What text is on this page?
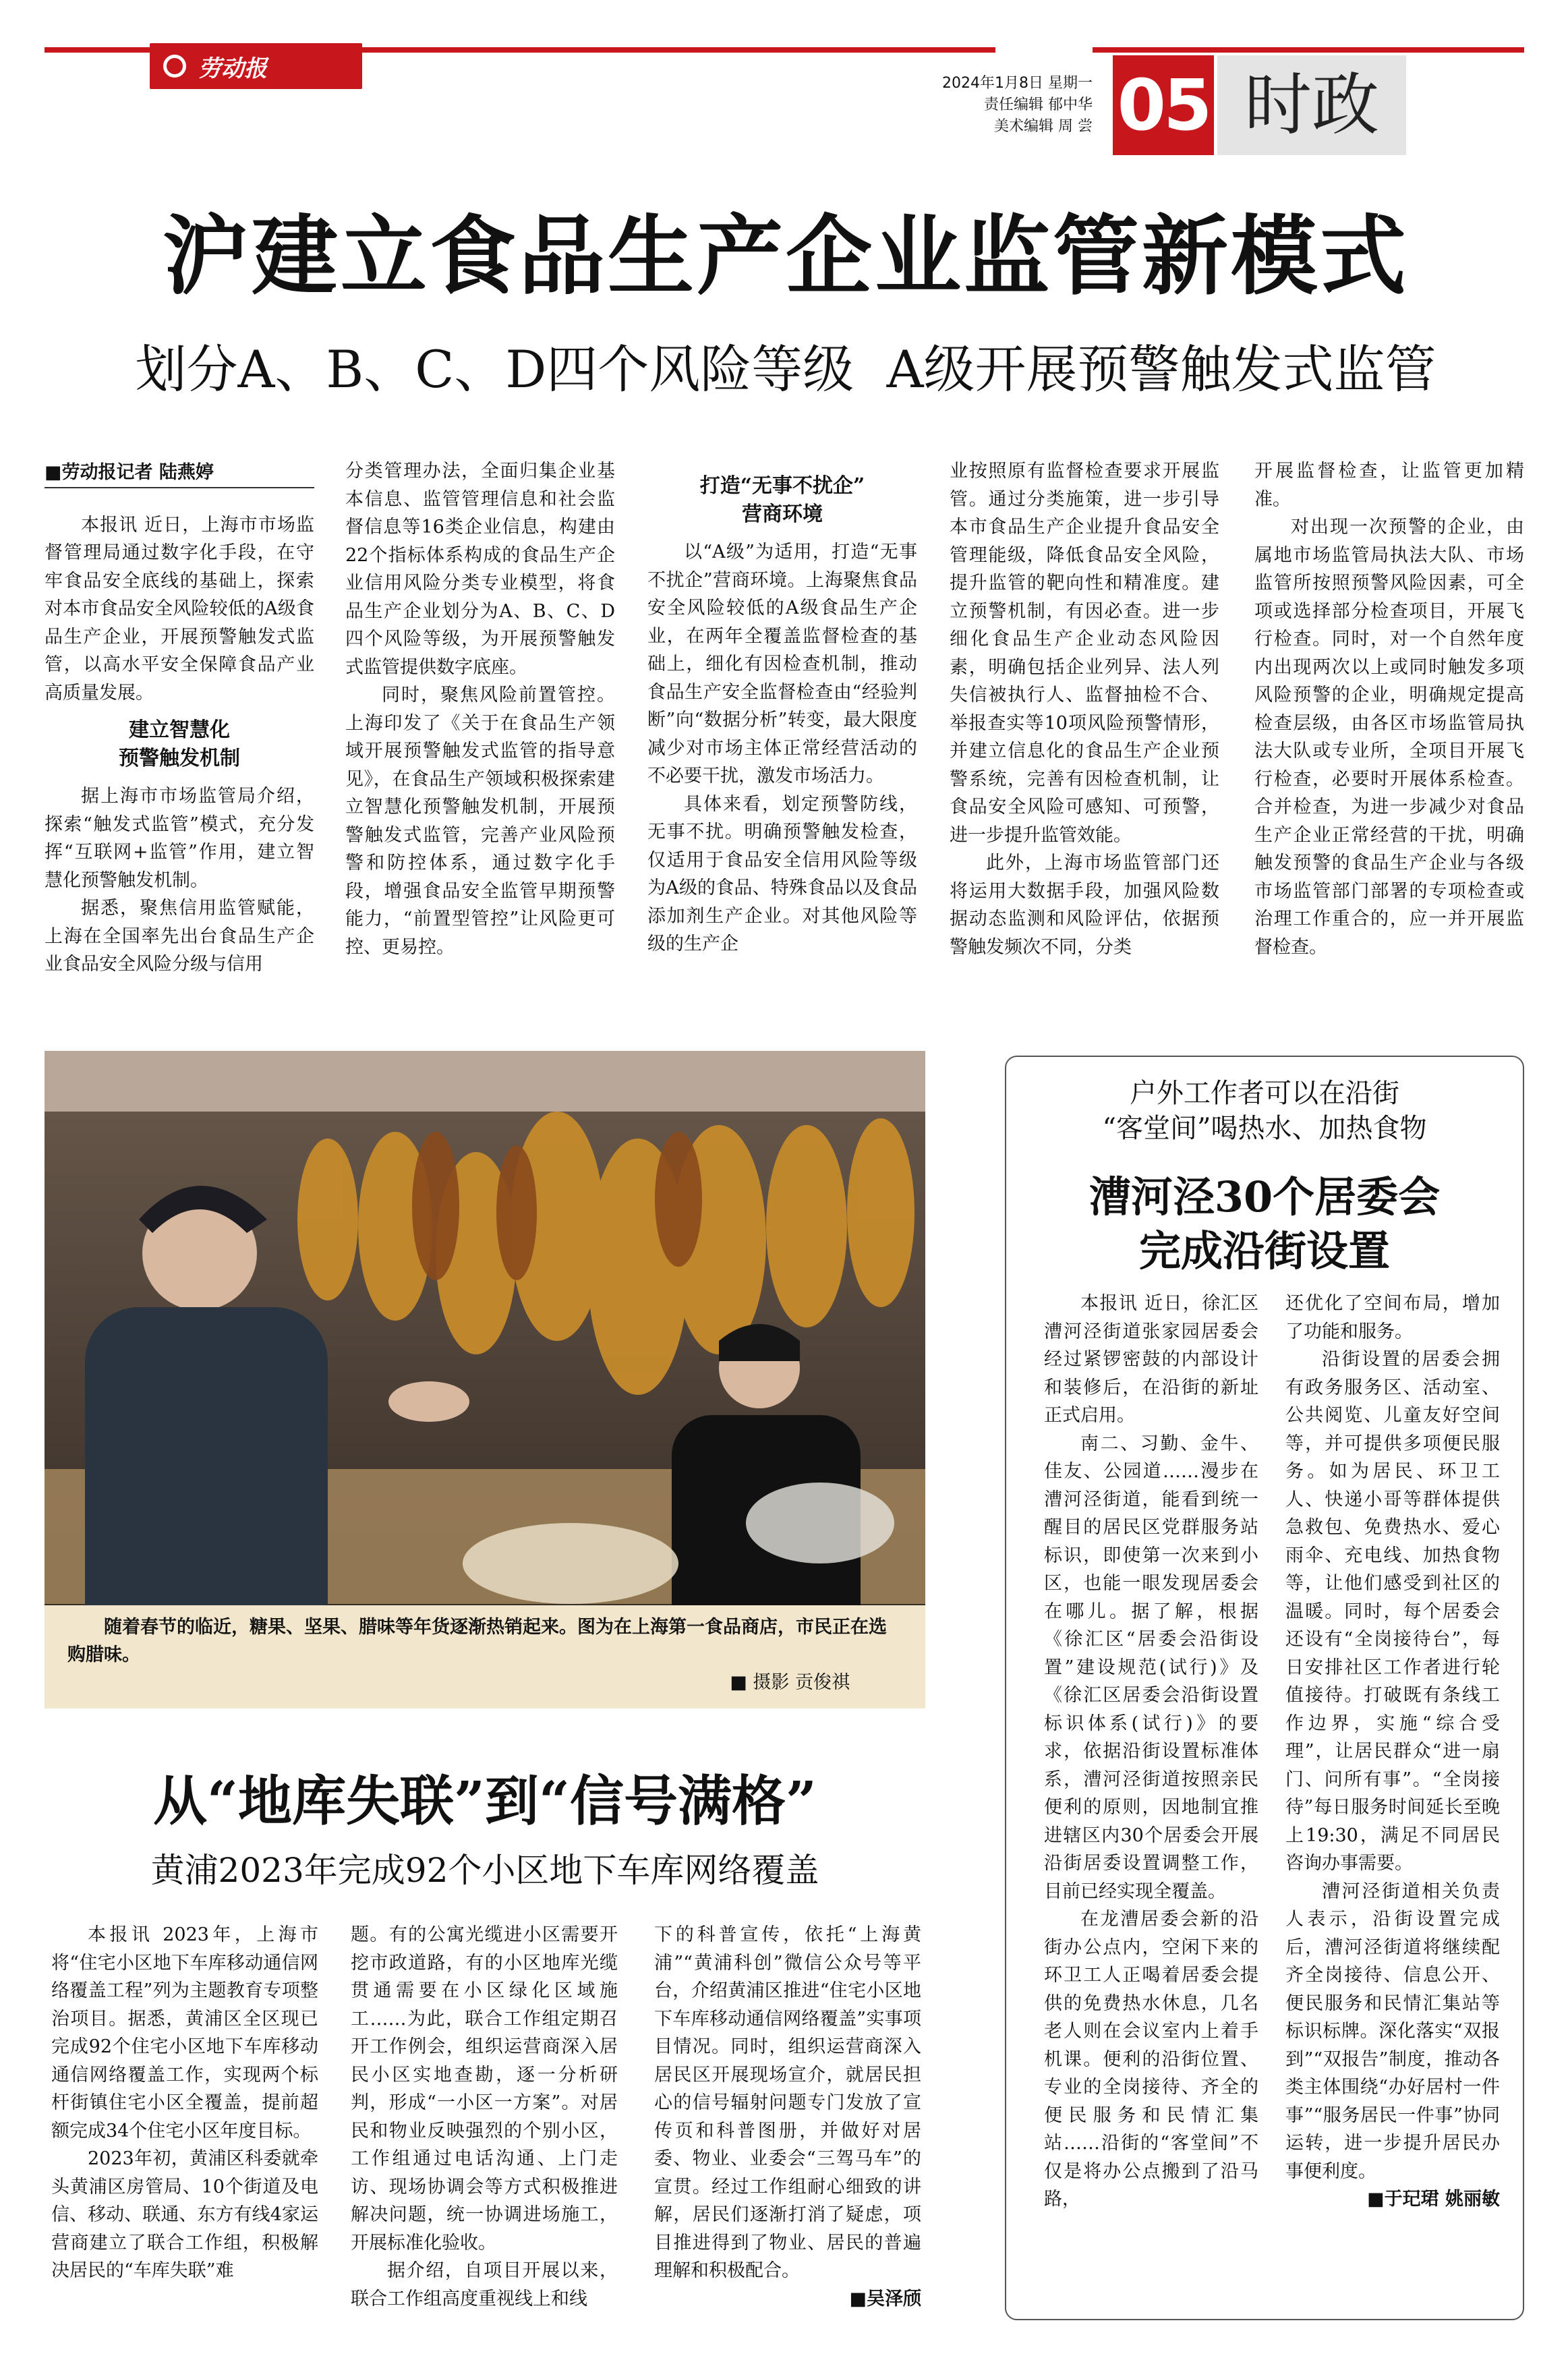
劳动报
2024年1月8日 星期一
责任编辑 郁中华
美术编辑 周 尝 05 时政
沪建立食品生产企业监管新模式
划分A、B、C、D四个风险等级  A级开展预警触发式监管
■劳动报记者 陆燕婷

本报讯 近日，上海市市场监督管理局通过数字化手段，在守牢食品安全底线的基础上，探索对本市食品安全风险较低的A级食品生产企业，开展预警触发式监管，以高水平安全保障食品产业高质量发展。

建立智慧化
预警触发机制

据上海市市场监管局介绍，探索“触发式监管”模式，充分发挥“互联网+监管”作用，建立智慧化预警触发机制。

据悉，聚焦信用监管赋能，上海在全国率先出台食品生产企业食品安全风险分级与信用

分类管理办法，全面归集企业基本信息、监管管理信息和社会监督信息等16类企业信息，构建由22个指标体系构成的食品生产企业信用风险分类专业模型，将食品生产企业划分为A、B、C、D四个风险等级，为开展预警触发式监管提供数字底座。

同时，聚焦风险前置管控。上海印发了《关于在食品生产领域开展预警触发式监管的指导意见》，在食品生产领域积极探索建立智慧化预警触发机制，开展预警触发式监管，完善产业风险预警和防控体系，通过数字化手段，增强食品安全监管早期预警能力，“前置型管控”让风险更可控、更易控。

打造“无事不扰企”
营商环境

以“A级”为适用，打造“无事不扰企”营商环境。上海聚焦食品安全风险较低的A级食品生产企业，在两年全覆盖监督检查的基础上，细化有因检查机制，推动食品生产安全监督检查由“经验判断”向“数据分析”转变，最大限度减少对市场主体正常经营活动的不必要干扰，激发市场活力。

具体来看，划定预警防线，无事不扰。明确预警触发检查，仅适用于食品安全信用风险等级为A级的食品、特殊食品以及食品添加剂生产企业。对其他风险等级的生产企

业按照原有监督检查要求开展监管。通过分类施策，进一步引导本市食品生产企业提升食品安全管理能级，降低食品安全风险，提升监管的靶向性和精准度。建立预警机制，有因必查。进一步细化食品生产企业动态风险因素，明确包括企业列异、法人列失信被执行人、监督抽检不合、举报查实等10项风险预警情形，并建立信息化的食品生产企业预警系统，完善有因检查机制，让食品安全风险可感知、可预警，进一步提升监管效能。

此外，上海市场监管部门还将运用大数据手段，加强风险数据动态监测和风险评估，依据预警触发频次不同，分类

开展监督检查，让监管更加精准。

对出现一次预警的企业，由属地市场监管局执法大队、市场监管所按照预警风险因素，可全项或选择部分检查项目，开展飞行检查。同时，对一个自然年度内出现两次以上或同时触发多项风险预警的企业，明确规定提高检查层级，由各区市场监管局执法大队或专业所，全项目开展飞行检查，必要时开展体系检查。合并检查，为进一步减少对食品生产企业正常经营的干扰，明确触发预警的食品生产企业与各级市场监管部门部署的专项检查或治理工作重合的，应一并开展监督检查。

随着春节的临近，糖果、坚果、腊味等年货逐渐热销起来。图为在上海第一食品商店，市民正在选购腊味。
■ 摄影 贡俊祺
户外工作者可以在沿街
“客堂间”喝热水、加热食物
漕河泾30个居委会
完成沿街设置

本报讯 近日，徐汇区漕河泾街道张家园居委会经过紧锣密鼓的内部设计和装修后，在沿街的新址正式启用。

南二、习勤、金牛、佳友、公园道……漫步在漕河泾街道，能看到统一醒目的居民区党群服务站标识，即使第一次来到小区，也能一眼发现居委会在哪儿。据了解，根据《徐汇区“居委会沿街设置”建设规范(试行)》及《徐汇区居委会沿街设置标识体系(试行)》的要求，依据沿街设置标准体系，漕河泾街道按照亲民便利的原则，因地制宜推进辖区内30个居委会开展沿街居委设置调整工作，目前已经实现全覆盖。

在龙漕居委会新的沿街办公点内，空闲下来的环卫工人正喝着居委会提供的免费热水休息，几名老人则在会议室内上着手机课。便利的沿街位置、专业的全岗接待、齐全的便民服务和民情汇集站……沿街的“客堂间”不仅是将办公点搬到了沿马路，

还优化了空间布局，增加了功能和服务。

沿街设置的居委会拥有政务服务区、活动室、公共阅览、儿童友好空间等，并可提供多项便民服务。如为居民、环卫工人、快递小哥等群体提供急救包、免费热水、爱心雨伞、充电线、加热食物等，让他们感受到社区的温暖。同时，每个居委会还设有“全岗接待台”，每日安排社区工作者进行轮值接待。打破既有条线工作边界，实施“综合受理”，让居民群众“进一扇门、问所有事”。“全岗接待”每日服务时间延长至晚上19:30，满足不同居民咨询办事需要。

漕河泾街道相关负责人表示，沿街设置完成后，漕河泾街道将继续配齐全岗接待、信息公开、便民服务和民情汇集站等标识标牌。深化落实“双报到”“双报告”制度，推动各类主体围绕“办好居村一件事”“服务居民一件事”协同运转，进一步提升居民办事便利度。

■于玘珺 姚丽敏
从“地库失联”到“信号满格”
黄浦2023年完成92个小区地下车库网络覆盖

本报讯 2023年，上海市将“住宅小区地下车库移动通信网络覆盖工程”列为主题教育专项整治项目。据悉，黄浦区全区现已完成92个住宅小区地下车库移动通信网络覆盖工作，实现两个标杆街镇住宅小区全覆盖，提前超额完成34个住宅小区年度目标。

2023年初，黄浦区科委就牵头黄浦区房管局、10个街道及电信、移动、联通、东方有线4家运营商建立了联合工作组，积极解决居民的“车库失联”难

题。有的公寓光缆进小区需要开挖市政道路，有的小区地库光缆贯通需要在小区绿化区域施工……为此，联合工作组定期召开工作例会，组织运营商深入居民小区实地查勘，逐一分析研判，形成“一小区一方案”。对居民和物业反映强烈的个别小区，工作组通过电话沟通、上门走访、现场协调会等方式积极推进解决问题，统一协调进场施工，开展标准化验收。

据介绍，自项目开展以来，联合工作组高度重视线上和线

下的科普宣传，依托“上海黄浦”“黄浦科创”微信公众号等平台，介绍黄浦区推进“住宅小区地下车库移动通信网络覆盖”实事项目情况。同时，组织运营商深入居民区开展现场宣介，就居民担心的信号辐射问题专门发放了宣传页和科普图册，并做好对居委、物业、业委会“三驾马车”的宣贯。经过工作组耐心细致的讲解，居民们逐渐打消了疑虑，项目推进得到了物业、居民的普遍理解和积极配合。

■吴泽颀
